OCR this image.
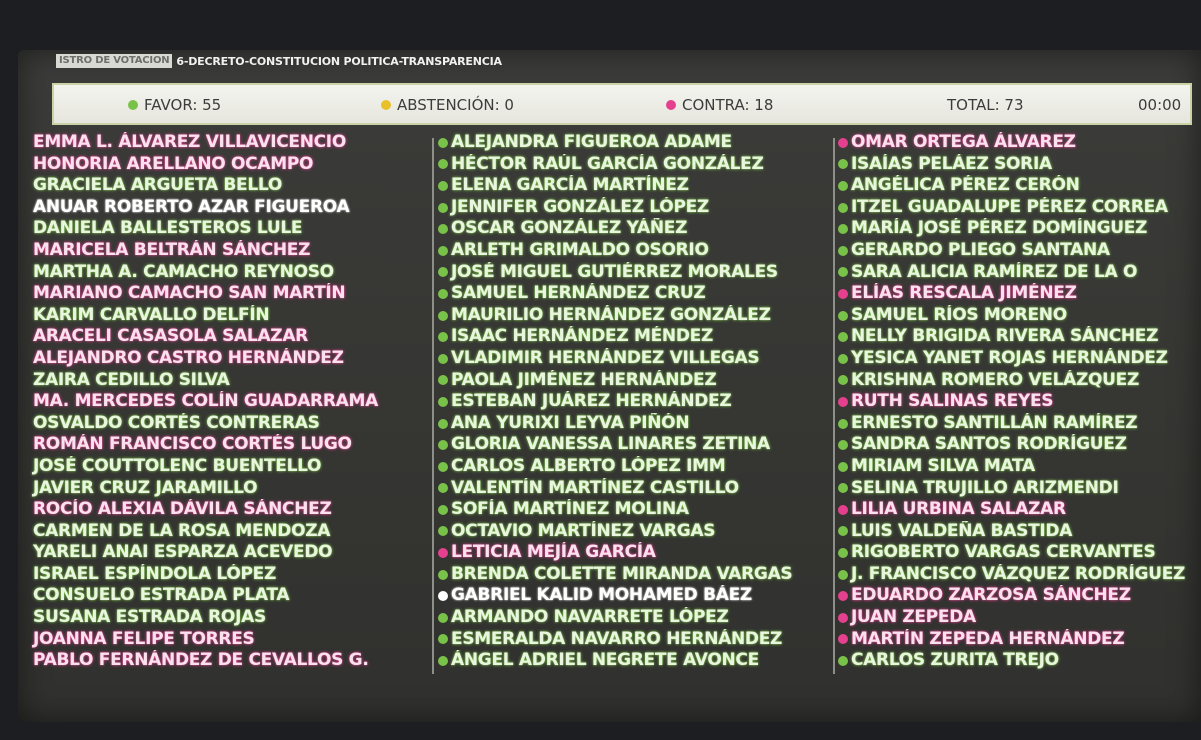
ISTRO DE VOTACION 6-DECRETO-CONSTITUCION POLITICA-TRANSPARENCIA
FAVOR: 55	ABSTENCIÓN: 0	CONTRA: 18	TOTAL: 73	00:00
EMMA L. ÁLVAREZ VILLAVICENCIO
HONORIA ARELLANO OCAMPO
GRACIELA ARGUETA BELLO
ANUAR ROBERTO AZAR FIGUEROA
DANIELA BALLESTEROS LULE
MARICELA BELTRÁN SÁNCHEZ
MARTHA A. CAMACHO REYNOSO
MARIANO CAMACHO SAN MARTÍN
KARIM CARVALLO DELFÍN
ARACELI CASASOLA SALAZAR
ALEJANDRO CASTRO HERNÁNDEZ
ZAIRA CEDILLO SILVA
MA. MERCEDES COLÍN GUADARRAMA
OSVALDO CORTÉS CONTRERAS
ROMÁN FRANCISCO CORTÉS LUGO
JOSÉ COUTTOLENC BUENTELLO
JAVIER CRUZ JARAMILLO
ROCÍO ALEXIA DÁVILA SÁNCHEZ
CARMEN DE LA ROSA MENDOZA
YARELI ANAI ESPARZA ACEVEDO
ISRAEL ESPÍNDOLA LÓPEZ
CONSUELO ESTRADA PLATA
SUSANA ESTRADA ROJAS
JOANNA FELIPE TORRES
PABLO FERNÁNDEZ DE CEVALLOS G.
ALEJANDRA FIGUEROA ADAME
HÉCTOR RAÚL GARCÍA GONZÁLEZ
ELENA GARCÍA MARTÍNEZ
JENNIFER GONZÁLEZ LÓPEZ
OSCAR GONZÁLEZ YÁÑEZ
ARLETH GRIMALDO OSORIO
JOSÉ MIGUEL GUTIÉRREZ MORALES
SAMUEL HERNÁNDEZ CRUZ
MAURILIO HERNÁNDEZ GONZÁLEZ
ISAAC HERNÁNDEZ MÉNDEZ
VLADIMIR HERNÁNDEZ VILLEGAS
PAOLA JIMÉNEZ HERNÁNDEZ
ESTEBAN JUÁREZ HERNÁNDEZ
ANA YURIXI LEYVA PIÑÓN
GLORIA VANESSA LINARES ZETINA
CARLOS ALBERTO LÓPEZ IMM
VALENTÍN MARTÍNEZ CASTILLO
SOFÍA MARTÍNEZ MOLINA
OCTAVIO MARTÍNEZ VARGAS
LETICIA MEJÍA GARCÍA
BRENDA COLETTE MIRANDA VARGAS
GABRIEL KALID MOHAMED BÁEZ
ARMANDO NAVARRETE LÓPEZ
ESMERALDA NAVARRO HERNÁNDEZ
ÁNGEL ADRIEL NEGRETE AVONCE
OMAR ORTEGA ÁLVAREZ
ISAÍAS PELÁEZ SORIA
ANGÉLICA PÉREZ CERÓN
ITZEL GUADALUPE PÉREZ CORREA
MARÍA JOSÉ PÉREZ DOMÍNGUEZ
GERARDO PLIEGO SANTANA
SARA ALICIA RAMÍREZ DE LA O
ELÍAS RESCALA JIMÉNEZ
SAMUEL RÍOS MORENO
NELLY BRIGIDA RIVERA SÁNCHEZ
YESICA YANET ROJAS HERNÁNDEZ
KRISHNA ROMERO VELÁZQUEZ
RUTH SALINAS REYES
ERNESTO SANTILLÁN RAMÍREZ
SANDRA SANTOS RODRÍGUEZ
MIRIAM SILVA MATA
SELINA TRUJILLO ARIZMENDI
LILIA URBINA SALAZAR
LUIS VALDEÑA BASTIDA
RIGOBERTO VARGAS CERVANTES
J. FRANCISCO VÁZQUEZ RODRÍGUEZ
EDUARDO ZARZOSA SÁNCHEZ
JUAN ZEPEDA
MARTÍN ZEPEDA HERNÁNDEZ
CARLOS ZURITA TREJO
